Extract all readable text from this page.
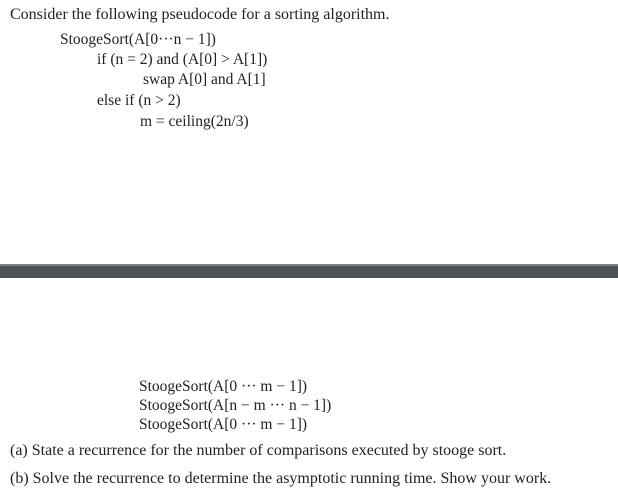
Consider the following pseudocode for a sorting algorithm.
StoogeSort(A[0···n − 1])
if (n = 2) and (A[0] > A[1])
swap A[0] and A[1]
else if (n > 2)
m = ceiling(2n/3)
StoogeSort(A[0 ··· m − 1])
StoogeSort(A[n − m ··· n − 1])
StoogeSort(A[0 ··· m − 1])
(a) State a recurrence for the number of comparisons executed by stooge sort.
(b) Solve the recurrence to determine the asymptotic running time. Show your work.
